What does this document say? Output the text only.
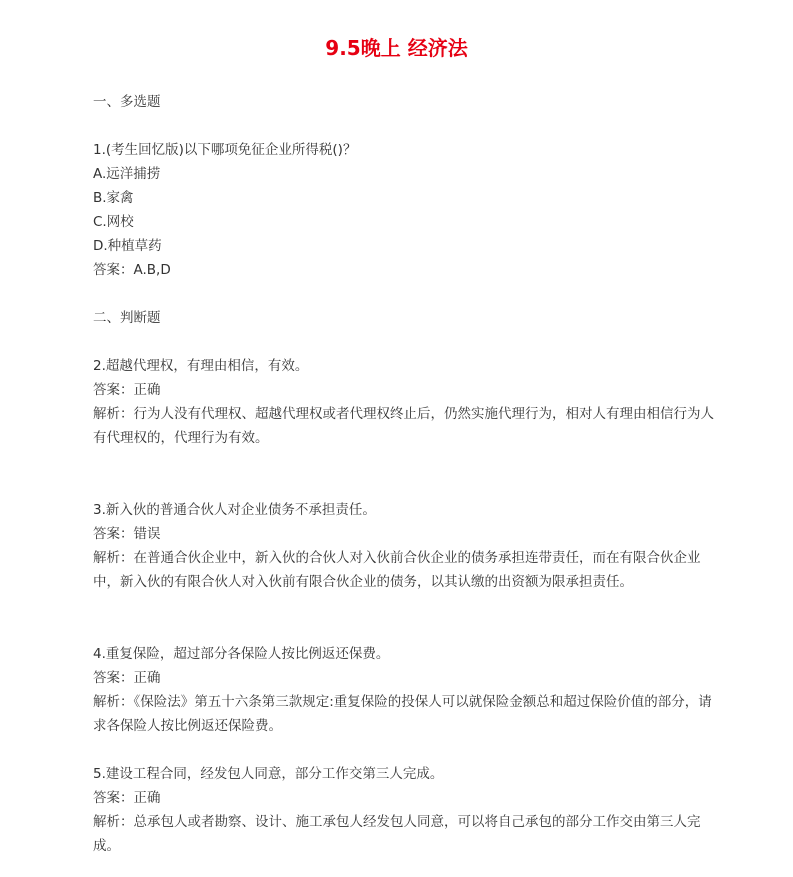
9.5晚上 经济法

一、多选题

1.(考生回忆版)以下哪项免征企业所得税()？

A.远洋捕捞

B.家禽

C.网校

D.种植草药

答案：A.B,D

二、判断题

2.超越代理权，有理由相信，有效。

答案：正确

解析：行为人没有代理权、超越代理权或者代理权终止后，仍然实施代理行为，相对人有理由相信行为人有代理权的，代理行为有效。

3.新入伙的普通合伙人对企业债务不承担责任。

答案：错误

解析：在普通合伙企业中，新入伙的合伙人对入伙前合伙企业的债务承担连带责任，而在有限合伙企业中，新入伙的有限合伙人对入伙前有限合伙企业的债务，以其认缴的出资额为限承担责任。

4.重复保险，超过部分各保险人按比例返还保费。

答案：正确

解析：《保险法》第五十六条第三款规定:重复保险的投保人可以就保险金额总和超过保险价值的部分，请求各保险人按比例返还保险费。

5.建设工程合同，经发包人同意，部分工作交第三人完成。

答案：正确

解析：总承包人或者勘察、设计、施工承包人经发包人同意，可以将自己承包的部分工作交由第三人完成。
